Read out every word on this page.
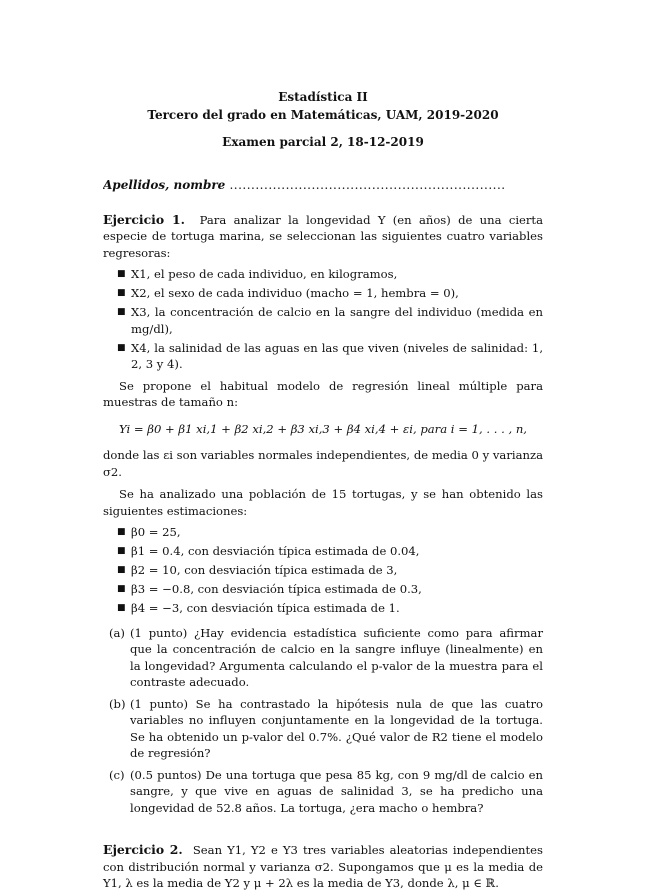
Estadística II
Tercero del grado en Matemáticas, UAM, 2019-2020
Examen parcial 2, 18-12-2019
Apellidos, nombre ................................................................

Ejercicio 1. Para analizar la longevidad Y (en años) de una cierta especie de tortuga marina, se seleccionan las siguientes cuatro variables regresoras:

■ X1, el peso de cada individuo, en kilogramos,
■ X2, el sexo de cada individuo (macho = 1, hembra = 0),
■ X3, la concentración de calcio en la sangre del individuo (medida en mg/dl),
■ X4, la salinidad de las aguas en las que viven (niveles de salinidad: 1, 2, 3 y 4).

Se propone el habitual modelo de regresión lineal múltiple para muestras de tamaño n:

Yi = β0 + β1 xi,1 + β2 xi,2 + β3 xi,3 + β4 xi,4 + εi, para i = 1, . . . , n,

donde las εi son variables normales independientes, de media 0 y varianza σ2.

Se ha analizado una población de 15 tortugas, y se han obtenido las siguientes estimaciones:

■ β0 = 25,
■ β1 = 0.4, con desviación típica estimada de 0.04,
■ β2 = 10, con desviación típica estimada de 3,
■ β3 = −0.8, con desviación típica estimada de 0.3,
■ β4 = −3, con desviación típica estimada de 1.
(a) (1 punto) ¿Hay evidencia estadística suficiente como para afirmar que la concentración de calcio en la sangre influye (linealmente) en la longevidad? Argumenta calculando el p-valor de la muestra para el contraste adecuado.
(b) (1 punto) Se ha contrastado la hipótesis nula de que las cuatro variables no influyen conjuntamente en la longevidad de la tortuga. Se ha obtenido un p-valor del 0.7%. ¿Qué valor de R2 tiene el modelo de regresión?
(c) (0.5 puntos) De una tortuga que pesa 85 kg, con 9 mg/dl de calcio en sangre, y que vive en aguas de salinidad 3, se ha predicho una longevidad de 52.8 años. La tortuga, ¿era macho o hembra?

Ejercicio 2. Sean Y1, Y2 e Y3 tres variables aleatorias independientes con distribución normal y varianza σ2. Supongamos que μ es la media de Y1, λ es la media de Y2 y μ + 2λ es la media de Y3, donde λ, μ ∈ ℝ.
